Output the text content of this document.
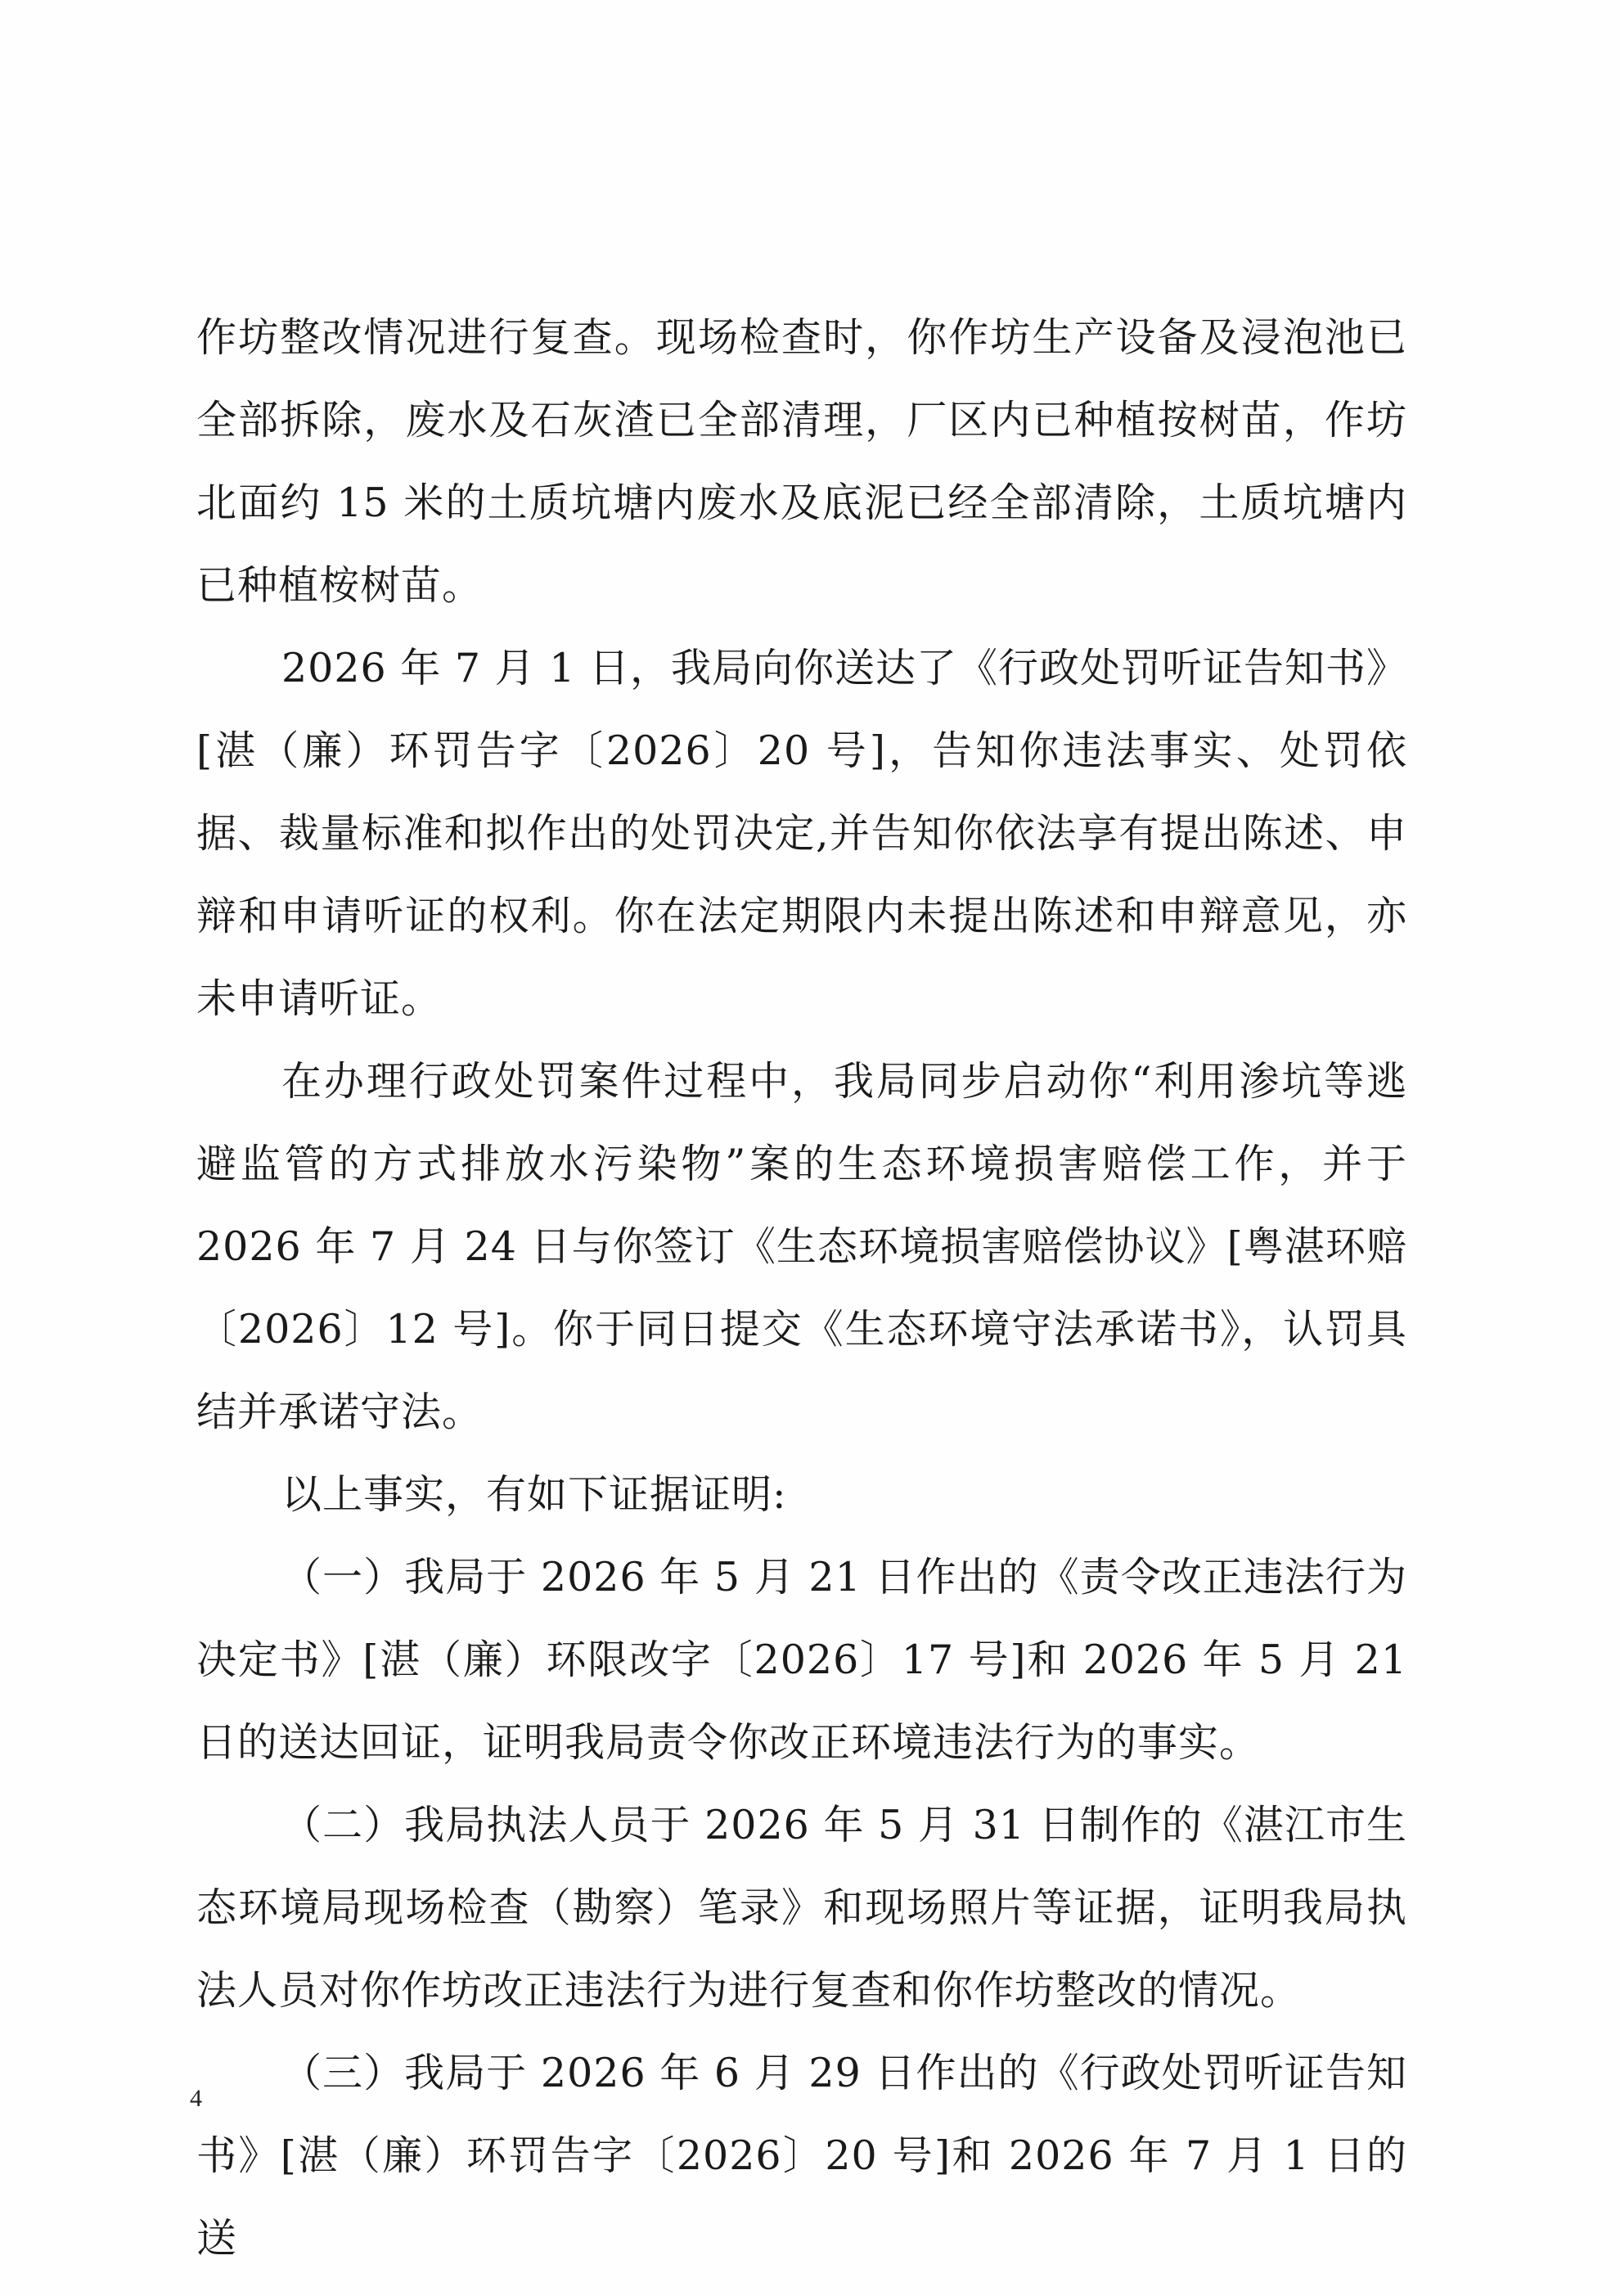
作坊整改情况进行复查。现场检查时，你作坊生产设备及浸泡池已全部拆除，废水及石灰渣已全部清理，厂区内已种植按树苗，作坊北面约 15 米的土质坑塘内废水及底泥已经全部清除，土质坑塘内已种植桉树苗。

2026 年 7 月 1 日，我局向你送达了《行政处罚听证告知书》[湛（廉）环罚告字〔2026〕20 号]，告知你违法事实、处罚依据、裁量标准和拟作出的处罚决定,并告知你依法享有提出陈述、申辩和申请听证的权利。你在法定期限内未提出陈述和申辩意见，亦未申请听证。

在办理行政处罚案件过程中，我局同步启动你“利用渗坑等逃避监管的方式排放水污染物”案的生态环境损害赔偿工作，并于 2026 年 7 月 24 日与你签订《生态环境损害赔偿协议》[粤湛环赔〔2026〕12 号]。你于同日提交《生态环境守法承诺书》，认罚具结并承诺守法。

以上事实，有如下证据证明:

（一）我局于 2026 年 5 月 21 日作出的《责令改正违法行为决定书》[湛（廉）环限改字〔2026〕17 号]和 2026 年 5 月 21 日的送达回证，证明我局责令你改正环境违法行为的事实。

（二）我局执法人员于 2026 年 5 月 31 日制作的《湛江市生态环境局现场检查（勘察）笔录》和现场照片等证据，证明我局执法人员对你作坊改正违法行为进行复查和你作坊整改的情况。

（三）我局于 2026 年 6 月 29 日作出的《行政处罚听证告知书》[湛（廉）环罚告字〔2026〕20 号]和 2026 年 7 月 1 日的送

4
